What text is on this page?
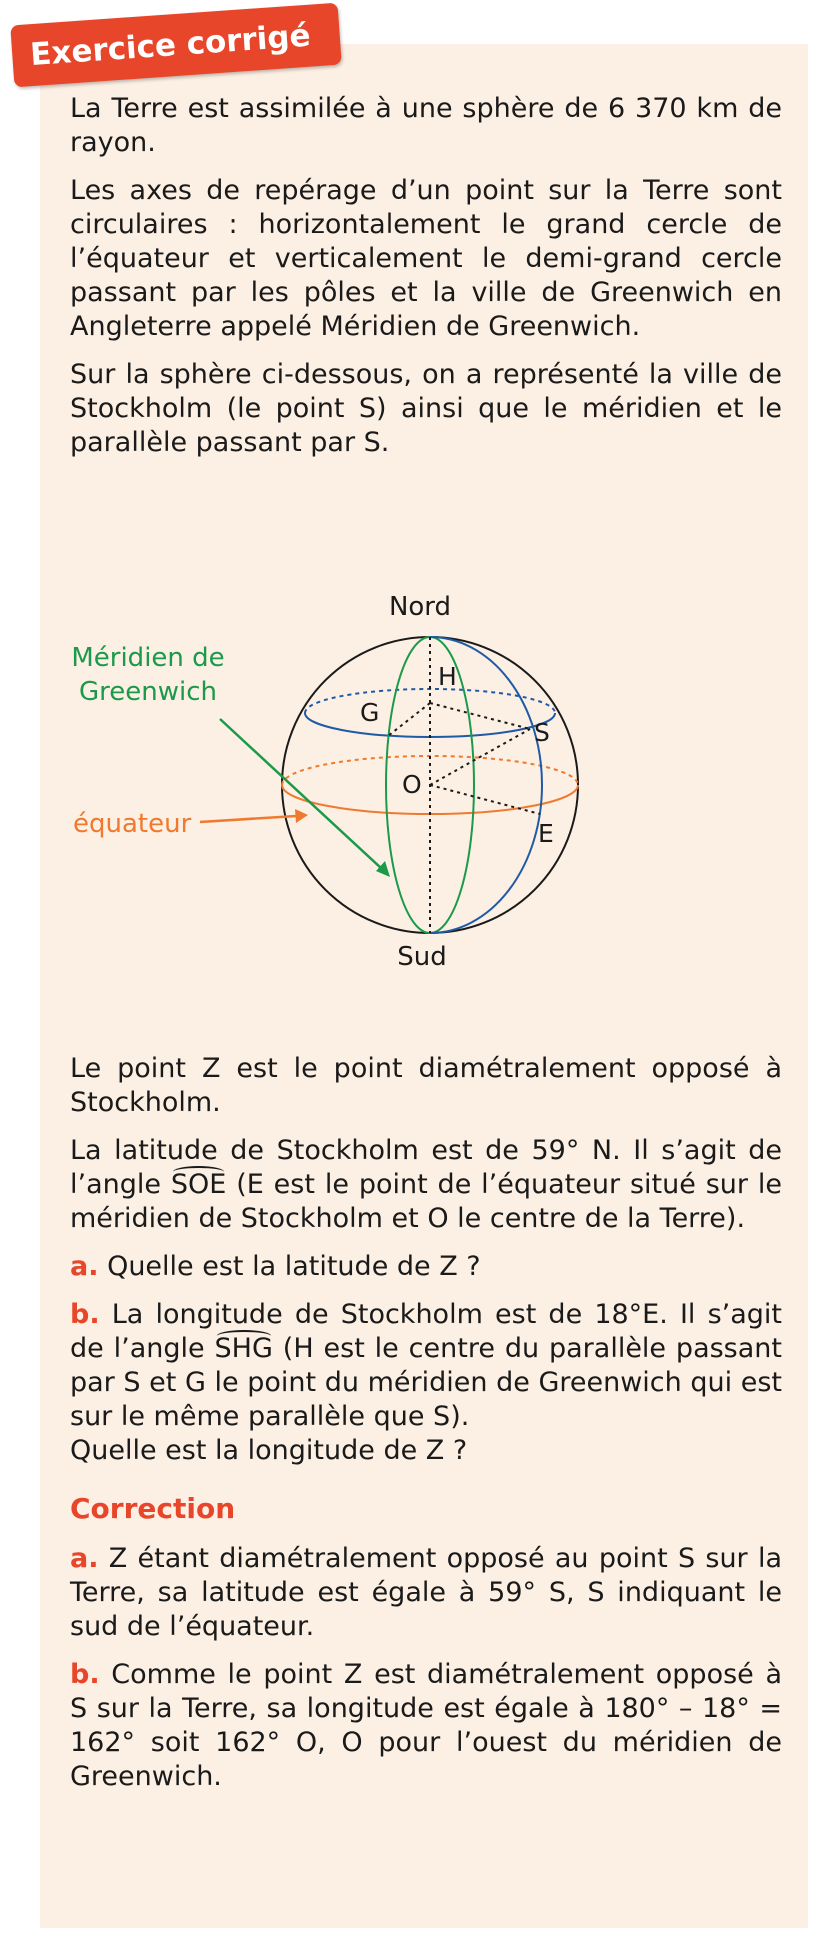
Exercice corrigé

La Terre est assimilée à une sphère de 6 370 km de rayon.

Les axes de repérage d’un point sur la Terre sont circulaires : horizontalement le grand cercle de l’équateur et verticalement le demi-grand cercle passant par les pôles et la ville de Greenwich en Angleterre appelé Méridien de Greenwich.

Sur la sphère ci-dessous, on a représenté la ville de Stockholm (le point S) ainsi que le méridien et le parallèle passant par S.

Nord
Sud
Méridien de
Greenwich
équateur
H
G
S
O
E

Le point Z est le point diamétralement opposé à Stockholm.

La latitude de Stockholm est de 59° N. Il s’agit de l’angle SOE (E est le point de l’équateur situé sur le méridien de Stockholm et O le centre de la Terre).

a. Quelle est la latitude de Z ?

b. La longitude de Stockholm est de 18°E. Il s’agit de l’angle SHG (H est le centre du parallèle passant par S et G le point du méridien de Greenwich qui est sur le même parallèle que S).

Quelle est la longitude de Z ?

Correction

a. Z étant diamétralement opposé au point S sur la Terre, sa latitude est égale à 59° S, S indiquant le sud de l’équateur.

b. Comme le point Z est diamétralement opposé à S sur la Terre, sa longitude est égale à 180° – 18° = 162° soit 162° O, O pour l’ouest du méridien de Greenwich.
